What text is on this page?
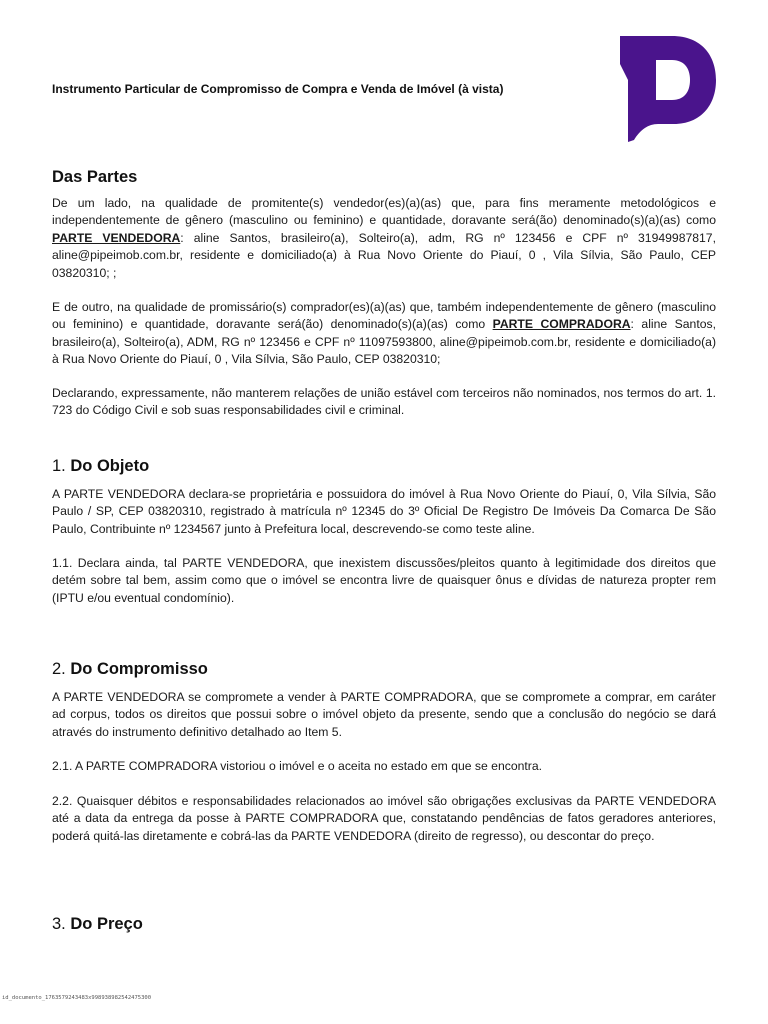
Instrumento Particular de Compromisso de Compra e Venda de Imóvel (à vista)
Das Partes
De um lado, na qualidade de promitente(s) vendedor(es)(a)(as) que, para fins meramente metodológicos e independentemente de gênero (masculino ou feminino) e quantidade, doravante será(ão) denominado(s)(a)(as) como PARTE VENDEDORA: aline Santos, brasileiro(a), Solteiro(a), adm, RG nº 123456 e CPF nº 31949987817, aline@pipeimob.com.br, residente e domiciliado(a) à Rua Novo Oriente do Piauí, 0 , Vila Sílvia, São Paulo, CEP 03820310; ;
E de outro, na qualidade de promissário(s) comprador(es)(a)(as) que, também independentemente de gênero (masculino ou feminino) e quantidade, doravante será(ão) denominado(s)(a)(as) como PARTE COMPRADORA: aline Santos, brasileiro(a), Solteiro(a), ADM, RG nº 123456 e CPF nº 11097593800, aline@pipeimob.com.br, residente e domiciliado(a) à Rua Novo Oriente do Piauí, 0 , Vila Sílvia, São Paulo, CEP 03820310;
Declarando, expressamente, não manterem relações de união estável com terceiros não nominados, nos termos do art. 1. 723 do Código Civil e sob suas responsabilidades civil e criminal.
1. Do Objeto
A PARTE VENDEDORA declara-se proprietária e possuidora do imóvel à Rua Novo Oriente do Piauí, 0, Vila Sílvia, São Paulo / SP, CEP 03820310, registrado à matrícula nº 12345 do 3º Oficial De Registro De Imóveis Da Comarca De São Paulo, Contribuinte nº 1234567 junto à Prefeitura local, descrevendo-se como teste aline.
1.1. Declara ainda, tal PARTE VENDEDORA, que inexistem discussões/pleitos quanto à legitimidade dos direitos que detém sobre tal bem, assim como que o imóvel se encontra livre de quaisquer ônus e dívidas de natureza propter rem (IPTU e/ou eventual condomínio).
2. Do Compromisso
A PARTE VENDEDORA se compromete a vender à PARTE COMPRADORA, que se compromete a comprar, em caráter ad corpus, todos os direitos que possui sobre o imóvel objeto da presente, sendo que a conclusão do negócio se dará através do instrumento definitivo detalhado ao Item 5.
2.1. A PARTE COMPRADORA vistoriou o imóvel e o aceita no estado em que se encontra.
2.2. Quaisquer débitos e responsabilidades relacionados ao imóvel são obrigações exclusivas da PARTE VENDEDORA até a data da entrega da posse à PARTE COMPRADORA que, constatando pendências de fatos geradores anteriores, poderá quitá-las diretamente e cobrá-las da PARTE VENDEDORA (direito de regresso), ou descontar do preço.
3. Do Preço
id_documento_1763579243483x998938982542475300
